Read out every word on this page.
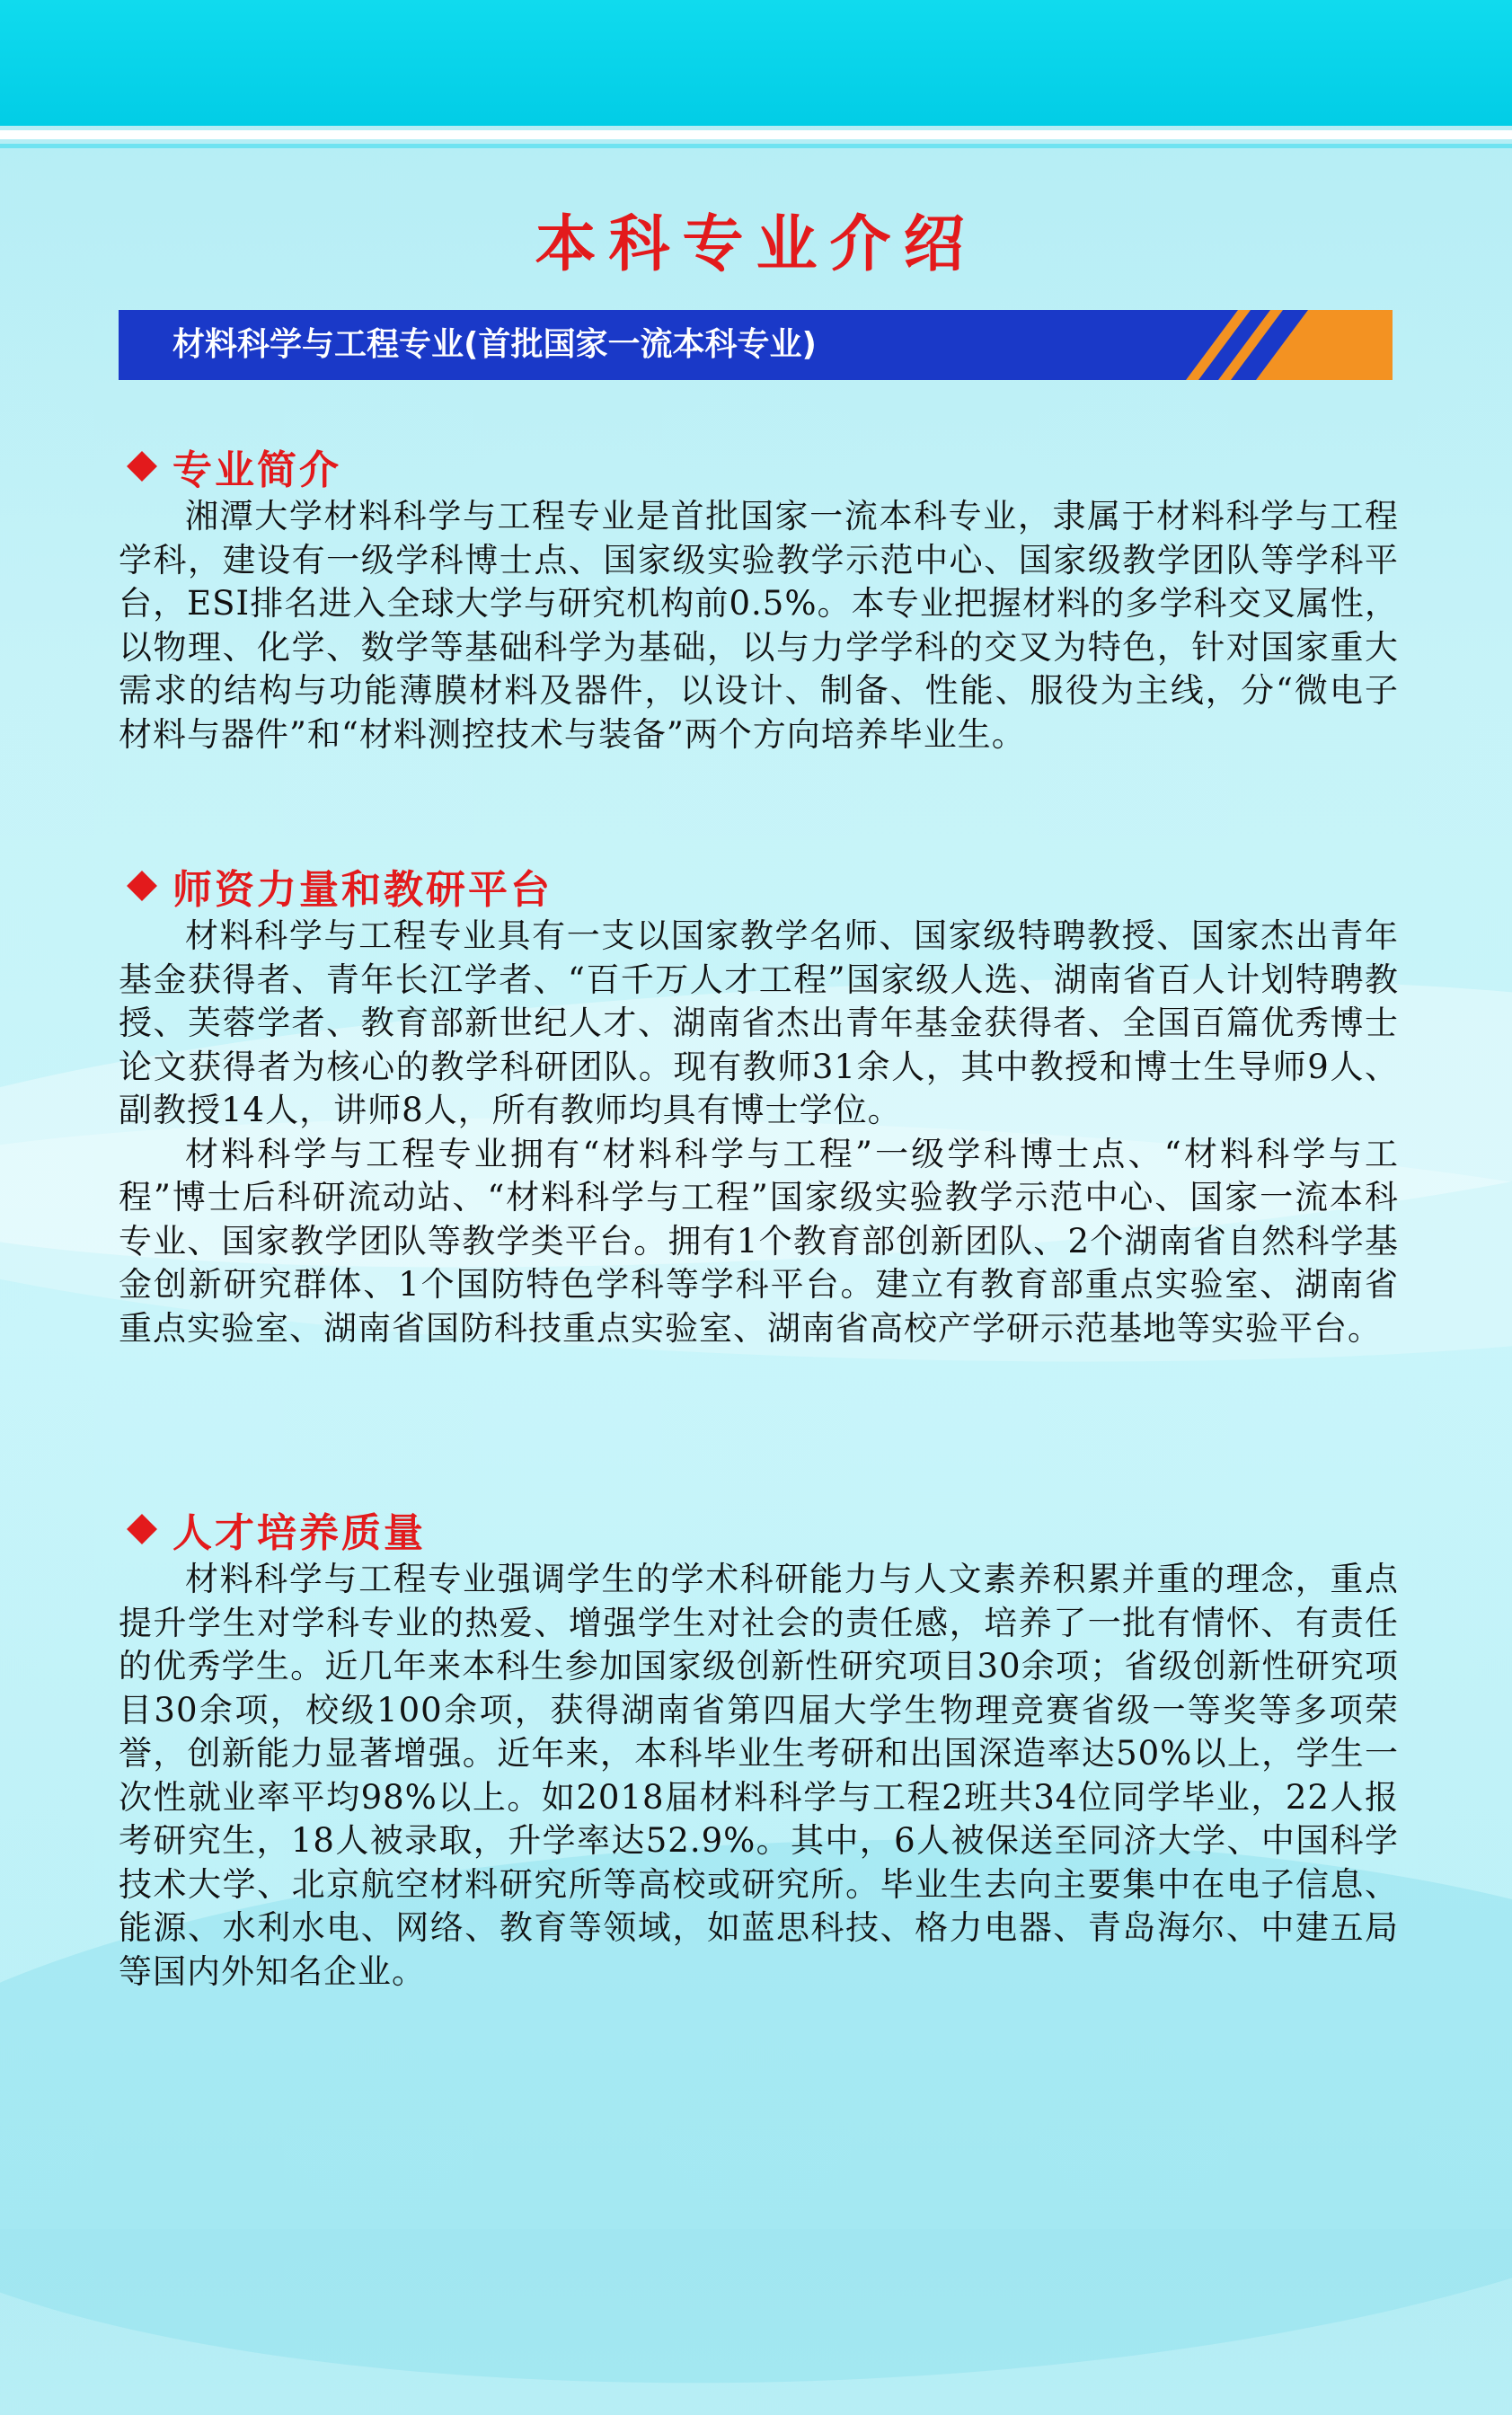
本科专业介绍
材料科学与工程专业(首批国家一流本科专业)
专业简介

湘潭大学材料科学与工程专业是首批国家一流本科专业，隶属于材料科学与工程学科，建设有一级学科博士点、国家级实验教学示范中心、国家级教学团队等学科平台，ESI排名进入全球大学与研究机构前0.5%。本专业把握材料的多学科交叉属性，以物理、化学、数学等基础科学为基础，以与力学学科的交叉为特色，针对国家重大需求的结构与功能薄膜材料及器件，以设计、制备、性能、服役为主线，分“微电子材料与器件”和“材料测控技术与装备”两个方向培养毕业生。

师资力量和教研平台

材料科学与工程专业具有一支以国家教学名师、国家级特聘教授、国家杰出青年基金获得者、青年长江学者、“百千万人才工程”国家级人选、湖南省百人计划特聘教授、芙蓉学者、教育部新世纪人才、湖南省杰出青年基金获得者、全国百篇优秀博士论文获得者为核心的教学科研团队。现有教师31余人，其中教授和博士生导师9人、副教授14人，讲师8人，所有教师均具有博士学位。

材料科学与工程专业拥有“材料科学与工程”一级学科博士点、“材料科学与工程”博士后科研流动站、“材料科学与工程”国家级实验教学示范中心、国家一流本科专业、国家教学团队等教学类平台。拥有1个教育部创新团队、2个湖南省自然科学基金创新研究群体、1个国防特色学科等学科平台。建立有教育部重点实验室、湖南省重点实验室、湖南省国防科技重点实验室、湖南省高校产学研示范基地等实验平台。

人才培养质量

材料科学与工程专业强调学生的学术科研能力与人文素养积累并重的理念，重点提升学生对学科专业的热爱、增强学生对社会的责任感，培养了一批有情怀、有责任的优秀学生。近几年来本科生参加国家级创新性研究项目30余项；省级创新性研究项目30余项，校级100余项，获得湖南省第四届大学生物理竞赛省级一等奖等多项荣誉，创新能力显著增强。近年来，本科毕业生考研和出国深造率达50%以上，学生一次性就业率平均98%以上。如2018届材料科学与工程2班共34位同学毕业，22人报考研究生，18人被录取，升学率达52.9%。其中，6人被保送至同济大学、中国科学技术大学、北京航空材料研究所等高校或研究所。毕业生去向主要集中在电子信息、能源、水利水电、网络、教育等领域，如蓝思科技、格力电器、青岛海尔、中建五局等国内外知名企业。
